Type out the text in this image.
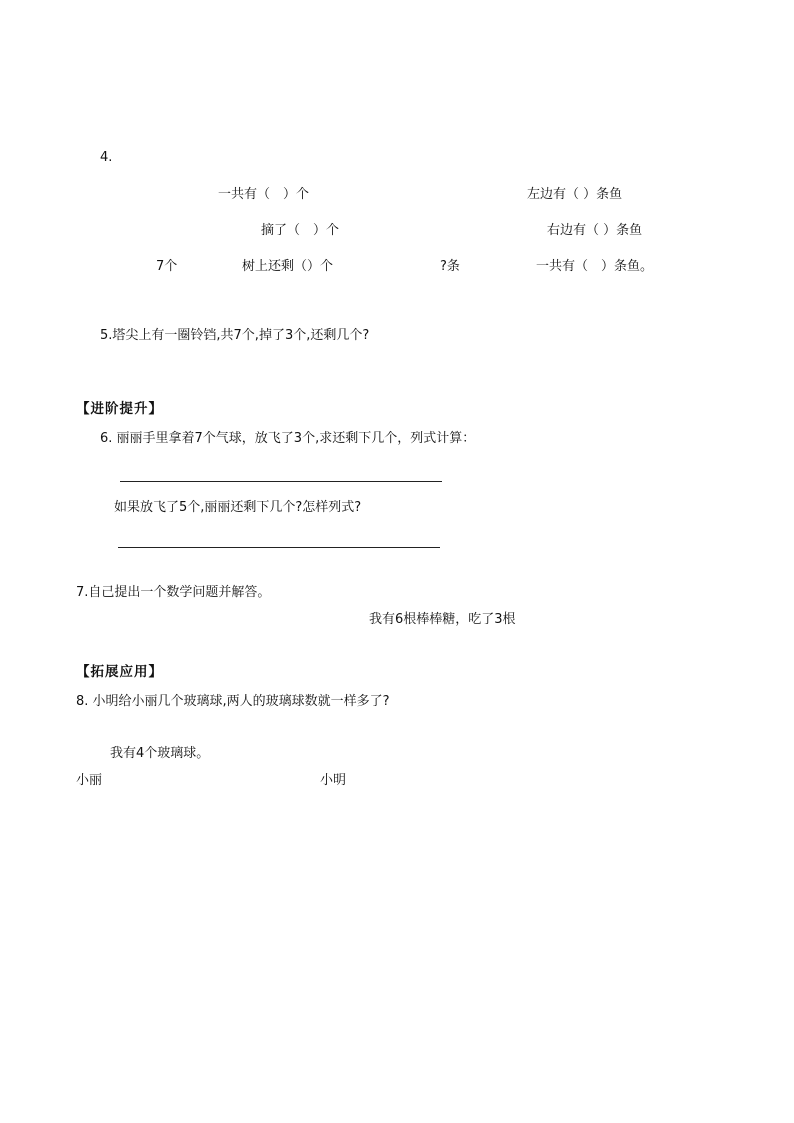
4.
一共有（　）个
摘了（　）个
7个	树上还剩（）个
左边有（ ）条鱼
右边有（ ）条鱼
?条	一共有（　）条鱼。
5.塔尖上有一圈铃铛,共7个,掉了3个,还剩几个?
【进阶提升】
6. 丽丽手里拿着7个气球，放飞了3个,求还剩下几个，列式计算：
如果放飞了5个,丽丽还剩下几个?怎样列式?
7.自己提出一个数学问题并解答。
我有6根棒棒糖，吃了3根
【拓展应用】
8. 小明给小丽几个玻璃球,两人的玻璃球数就一样多了?
我有4个玻璃球。
小丽	小明
